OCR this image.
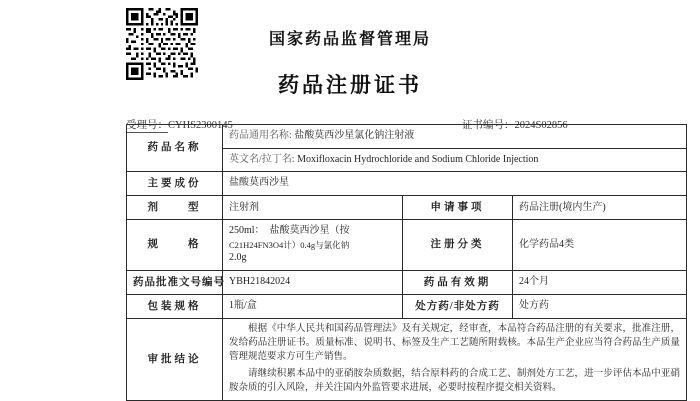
国家药品监督管理局
药品注册证书
受理号：CYHS2300145	证书编号：2024S02856
药品名称	药品通用名称: 盐酸莫西沙星氯化钠注射液		
	英文名/拉丁名: Moxifloxacin Hydrochloride and Sodium Chloride Injection		
主要成份	盐酸莫西沙星		
剂　　型	注射剂	申请事项	药品注册(境内生产)
规　　格	250ml：　盐酸莫西沙星（按
C21H24FN3O4计）0.4g与氯化钠
2.0g	注册分类	化学药品4类
药品批准文号编号	YBH21842024	药品有效期	24个月
包装规格	1瓶/盒	处方药/非处方药	处方药
审批结论	根据《中华人民共和国药品管理法》及有关规定，经审查，本品符合药品注册的有关要求，批准注册，发给药品注册证书。质量标准、说明书、标签及生产工艺随所附载核。本品生产企业应当符合药品生产质量管理规范要求方可生产销售。

请继续积累本品中的亚硝胺杂质数据，结合原料药的合成工艺、制剂处方工艺，进一步评估本品中亚硝胺杂质的引入风险，并关注国内外监管要求进展，必要时按程序提交相关资料。		
